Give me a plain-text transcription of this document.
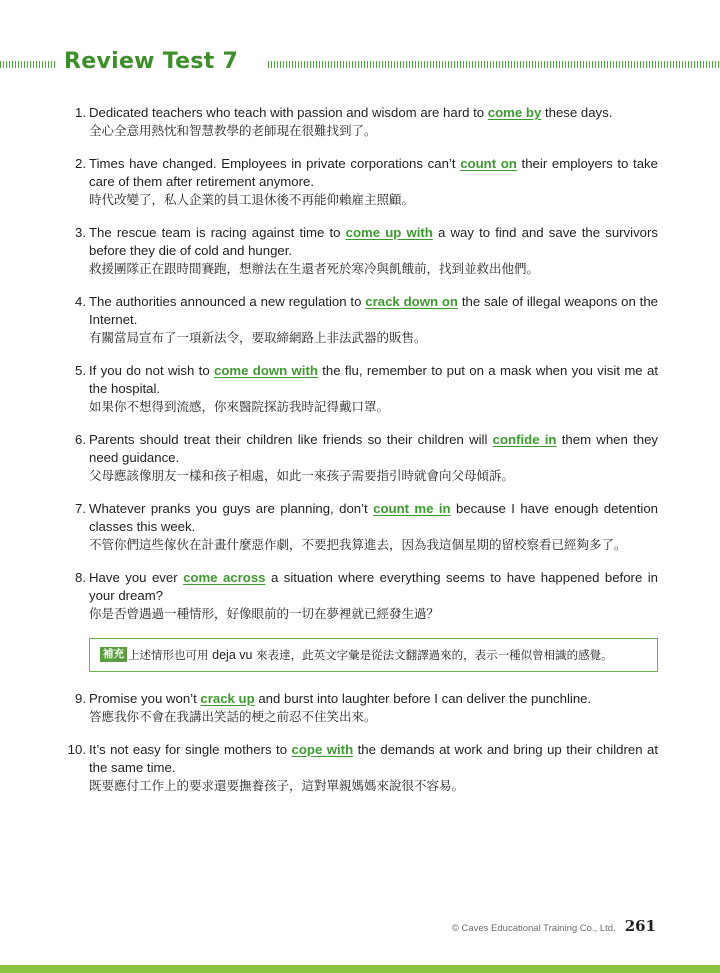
Review Test 7
1. Dedicated teachers who teach with passion and wisdom are hard to come by these days.
全心全意用熱忱和智慧教學的老師現在很難找到了。
2. Times have changed. Employees in private corporations can’t count on their employers to take care of them after retirement anymore.
時代改變了，私人企業的員工退休後不再能仰賴雇主照顧。
3. The rescue team is racing against time to come up with a way to find and save the survivors before they die of cold and hunger.
救援團隊正在跟時間賽跑，想辦法在生還者死於寒冷與飢餓前，找到並救出他們。
4. The authorities announced a new regulation to crack down on the sale of illegal weapons on the Internet.
有關當局宣布了一項新法令，要取締網路上非法武器的販售。
5. If you do not wish to come down with the flu, remember to put on a mask when you visit me at the hospital.
如果你不想得到流感，你來醫院探訪我時記得戴口罩。
6. Parents should treat their children like friends so their children will confide in them when they need guidance.
父母應該像朋友一樣和孩子相處，如此一來孩子需要指引時就會向父母傾訴。
7. Whatever pranks you guys are planning, don’t count me in because I have enough detention classes this week.
不管你們這些傢伙在計畫什麼惡作劇，不要把我算進去，因為我這個星期的留校察看已經夠多了。
8. Have you ever come across a situation where everything seems to have happened before in your dream?
你是否曾遇過一種情形，好像眼前的一切在夢裡就已經發生過？
補充 上述情形也可用 deja vu 來表達，此英文字彙是從法文翻譯過來的，表示一種似曾相識的感覺。
9. Promise you won’t crack up and burst into laughter before I can deliver the punchline.
答應我你不會在我講出笑話的梗之前忍不住笑出來。
10. It’s not easy for single mothers to cope with the demands at work and bring up their children at the same time.
既要應付工作上的要求還要撫養孩子，這對單親媽媽來說很不容易。
© Caves Educational Training Co., Ltd. 261
